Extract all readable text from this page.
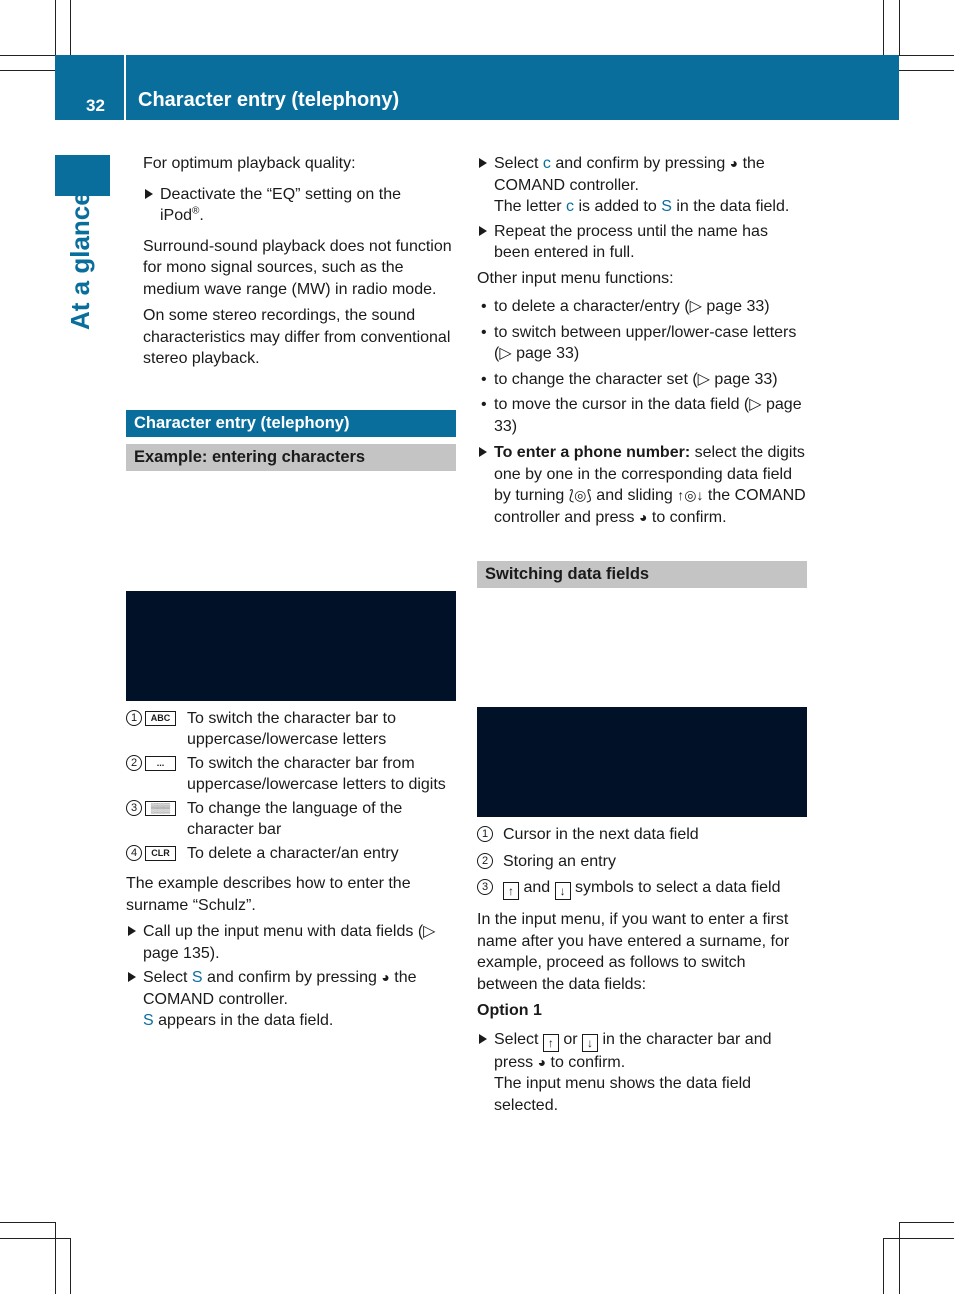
32 Character entry (telephony)
At a glance

For optimum playback quality:

Deactivate the “EQ” setting on the
iPod®.

Surround-sound playback does not function for mono signal sources, such as the medium wave range (MW) in radio mode.

On some stereo recordings, the sound characteristics may differ from conventional stereo playback.

Character entry (telephony)
Example: entering characters
1	ABC	To switch the character bar to uppercase/lowercase letters
2	...	To switch the character bar from uppercase/lowercase letters to digits
3	▒▒▒	To change the language of the character bar
4	CLR	To delete a character/an entry

The example describes how to enter the surname “Schulz”.

Call up the input menu with data fields (▷ page 135).
Select S and confirm by pressing ◕ the COMAND controller.
S appears in the data field.
Select c and confirm by pressing ◕ the COMAND controller.
The letter c is added to S in the data field.
Repeat the process until the name has been entered in full.

Other input menu functions:

• to delete a character/entry (▷ page 33)
• to switch between upper/lower-case letters (▷ page 33)
• to change the character set (▷ page 33)
• to move the cursor in the data field (▷ page 33)
To enter a phone number: select the digits one by one in the corresponding data field by turning ⟅◎⟆ and sliding ↑◎↓ the COMAND controller and press ◕ to confirm.
Switching data fields
1 Cursor in the next data field
2 Storing an entry
3	↑ and ↓ symbols to select a data field

In the input menu, if you want to enter a first name after you have entered a surname, for example, proceed as follows to switch between the data fields:

Option 1

Select ↑ or ↓ in the character bar and press ◕ to confirm.
The input menu shows the data field selected.
